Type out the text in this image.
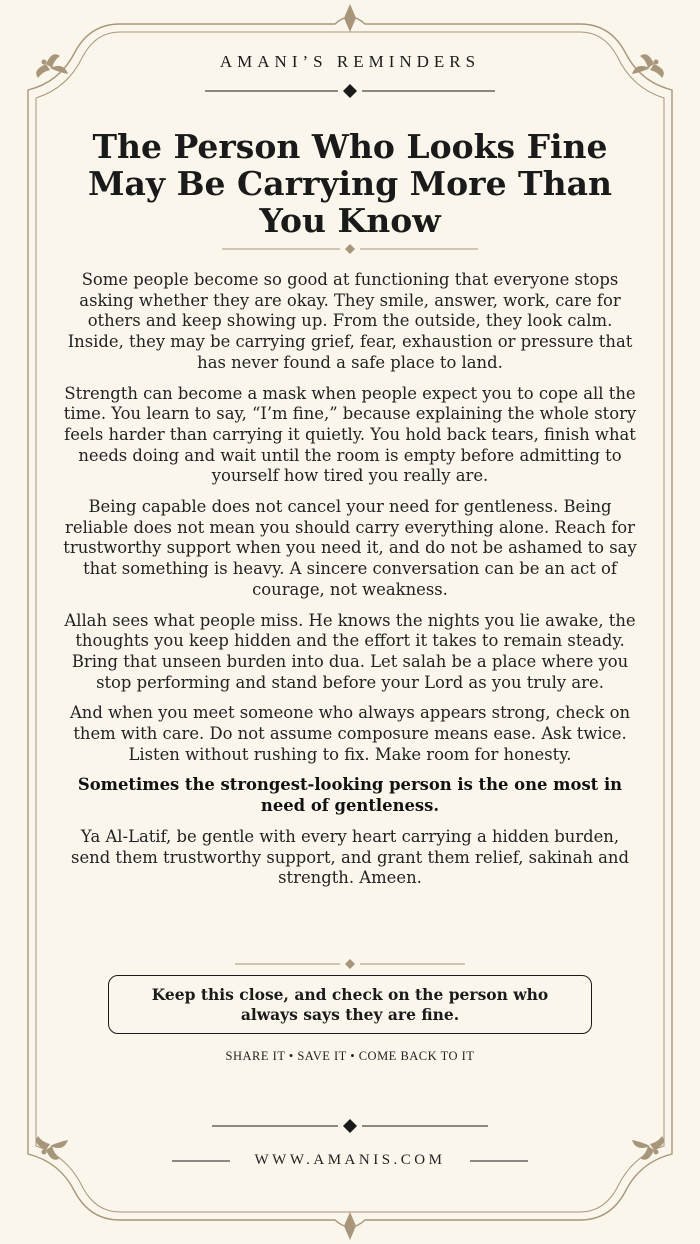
AMANI’S REMINDERS
The Person Who Looks Fine May Be Carrying More Than You Know

Some people become so good at functioning that everyone stops asking whether they are okay. They smile, answer, work, care for others and keep showing up. From the outside, they look calm. Inside, they may be carrying grief, fear, exhaustion or pressure that has never found a safe place to land.

Strength can become a mask when people expect you to cope all the time. You learn to say, “I’m fine,” because explaining the whole story feels harder than carrying it quietly. You hold back tears, finish what needs doing and wait until the room is empty before admitting to yourself how tired you really are.

Being capable does not cancel your need for gentleness. Being reliable does not mean you should carry everything alone. Reach for trustworthy support when you need it, and do not be ashamed to say that something is heavy. A sincere conversation can be an act of courage, not weakness.

Allah sees what people miss. He knows the nights you lie awake, the thoughts you keep hidden and the effort it takes to remain steady. Bring that unseen burden into dua. Let salah be a place where you stop performing and stand before your Lord as you truly are.

And when you meet someone who always appears strong, check on them with care. Do not assume composure means ease. Ask twice. Listen without rushing to fix. Make room for honesty.

Sometimes the strongest-looking person is the one most in need of gentleness.

Ya Al-Latif, be gentle with every heart carrying a hidden burden, send them trustworthy support, and grant them relief, sakinah and strength. Ameen.

Keep this close, and check on the person who always says they are fine.
SHARE IT • SAVE IT • COME BACK TO IT
WWW.AMANIS.COM
